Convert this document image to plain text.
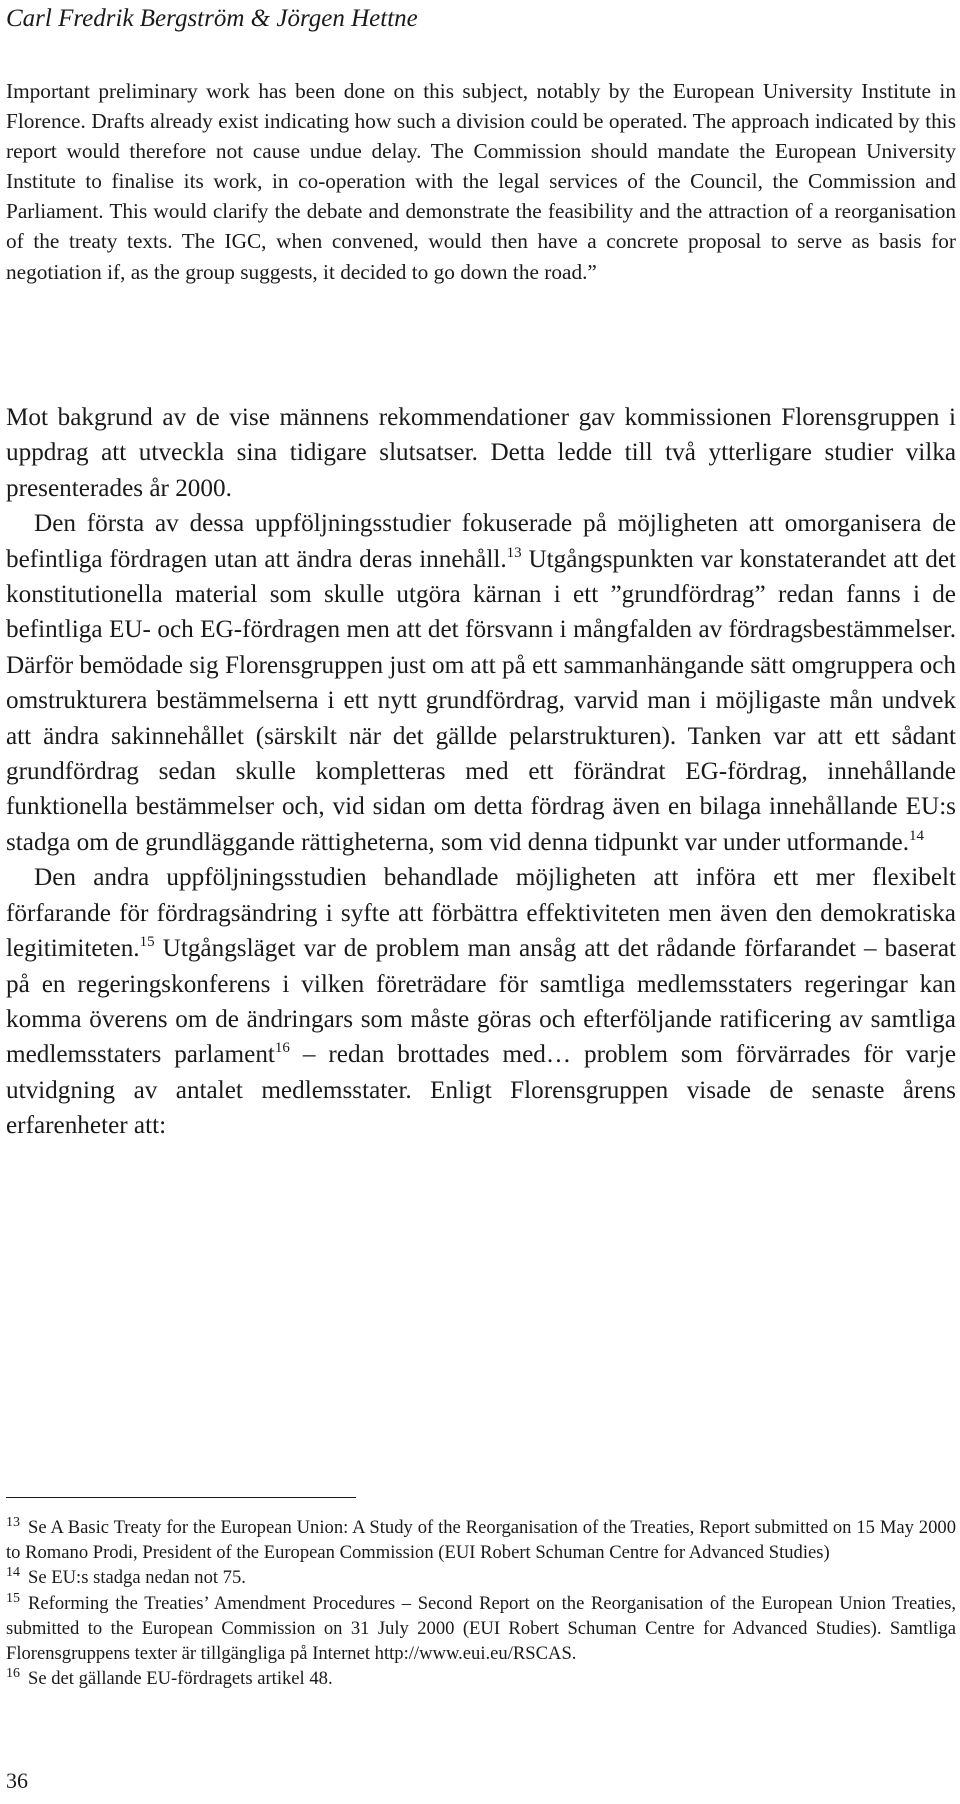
Carl Fredrik Bergström & Jörgen Hettne
Important preliminary work has been done on this subject, notably by the European University Institute in Florence. Drafts already exist indicating how such a division could be operated. The approach indicated by this report would therefore not cause undue delay. The Commission should mandate the European University Institute to finalise its work, in co-operation with the legal services of the Council, the Commission and Parliament. This would clarify the debate and demonstrate the feasibility and the attraction of a reorganisation of the treaty texts. The IGC, when convened, would then have a concrete proposal to serve as basis for negotiation if, as the group suggests, it decided to go down the road.”

Mot bakgrund av de vise männens rekommendationer gav kommissionen Florensgruppen i uppdrag att utveckla sina tidigare slutsatser. Detta ledde till två ytterligare studier vilka presenterades år 2000.

Den första av dessa uppföljningsstudier fokuserade på möjligheten att omorganisera de befintliga fördragen utan att ändra deras innehåll.$^{13}$ Utgångspunkten var konstaterandet att det konstitutionella material som skulle utgöra kärnan i ett ”grundfördrag” redan fanns i de befintliga EU- och EG-fördragen men att det försvann i mångfalden av fördragsbestämmelser. Därför bemödade sig Florensgruppen just om att på ett sammanhängande sätt omgruppera och omstrukturera bestämmelserna i ett nytt grundfördrag, varvid man i möjligaste mån undvek att ändra sakinnehållet (särskilt när det gällde pelarstrukturen). Tanken var att ett sådant grundfördrag sedan skulle kompletteras med ett förändrat EG-fördrag, innehållande funktionella bestämmelser och, vid sidan om detta fördrag även en bilaga innehållande EU:s stadga om de grundläggande rättigheterna, som vid denna tidpunkt var under utformande.$^{14}$

Den andra uppföljningsstudien behandlade möjligheten att införa ett mer flexibelt förfarande för fördragsändring i syfte att förbättra effektiviteten men även den demokratiska legitimiteten.$^{15}$ Utgångsläget var de problem man ansåg att det rådande förfarandet – baserat på en regeringskonferens i vilken företrädare för samtliga medlemsstaters regeringar kan komma överens om de ändringars som måste göras och efterföljande ratificering av samtliga medlemsstaters parlament$^{16}$ – redan brottades med… problem som förvärrades för varje utvidgning av antalet medlemsstater. Enligt Florensgruppen visade de senaste årens erfarenheter att:

13 Se A Basic Treaty for the European Union: A Study of the Reorganisation of the Treaties, Report submitted on 15 May 2000 to Romano Prodi, President of the European Commission (EUI Robert Schuman Centre for Advanced Studies)

14 Se EU:s stadga nedan not 75.

15 Reforming the Treaties’ Amendment Procedures – Second Report on the Reorganisation of the European Union Treaties, submitted to the European Commission on 31 July 2000 (EUI Robert Schuman Centre for Advanced Studies). Samtliga Florensgruppens texter är tillgängliga på Internet http://www.eui.eu/RSCAS.

16 Se det gällande EU-fördragets artikel 48.

36
